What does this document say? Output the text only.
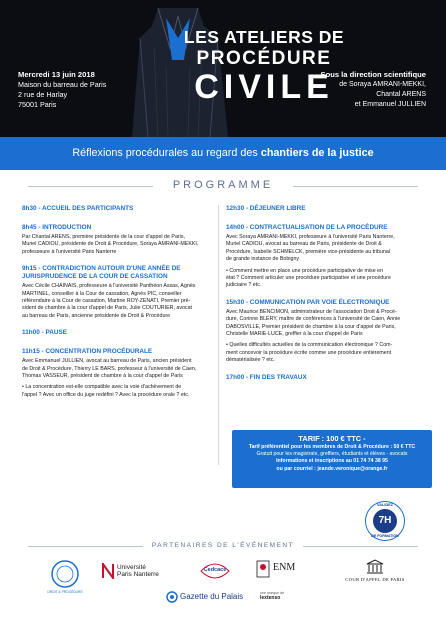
LES ATELIERS DE
PROCÉDURE
CIVILE
Mercredi 13 juin 2018
Maison du barreau de Paris
2 rue de Harlay
75001 Paris
Sous la direction scientifique
de Soraya AMRANI-MEKKI,
Chantal ARENS
et Emmanuel JULLIEN
Réflexions procédurales au regard des chantiers de la justice
PROGRAMME
8h30 - ACCUEIL DES PARTICIPANTS
8h45 - INTRODUCTION
Par Chantal ARENS, première présidente de la cour d'appel de Paris,
Muriel CADIOU, présidente de Droit & Procédure, Soraya AMRANI-MEKKI,
professeure à l'université Paris Nanterre
9h15 - CONTRADICTION AUTOUR D'UNE ANNÉE DE JURISPRUDENCE DE LA COUR DE CASSATION
Avec Cécile CHAINAIS, professeure à l'université Panthéon Assas, Agnès
MARTINEL, conseiller à la Cour de cassation, Agnès PIC, conseiller
référendaire à la Cour de cassation, Martine ROY-ZENATI, Premier pré-
sident de chambre à la cour d'appel de Paris, Julie COUTURIER, avocat
au barreau de Paris, ancienne présidente de Droit & Procédure
11h00 - PAUSE
11h15 - CONCENTRATION PROCÉDURALE
Avec Emmanuel JULLIEN, avocat au barreau de Paris, ancien président
de Droit & Procédure, Thierry LE BARS, professeur à l'université de Caen,
Thomas VASSEUR, président de chambre à la cour d'appel de Paris
• La concentration est-elle compatible avec la voie d'achèvement de
l'appel ? Avec un office du juge redéfini ? Avec la procédure orale ? etc.
12h30 - DÉJEUNER LIBRE
14h00 - CONTRACTUALISATION DE LA PROCÉDURE
Avec Soraya AMRANI-MEKKI, professeure à l'université Paris Nanterre,
Muriel CADIOU, avocat au barreau de Paris, présidente de Droit &
Procédure, Isabelle SCHMELCK, première vice-présidente au tribunal
de grande instance de Bobigny
• Comment mettre en place une procédure participative de mise en
état ? Comment articuler une procédure participative et une procédure
judiciaire ? etc.
15h30 - COMMUNICATION PAR VOIE ÉLECTRONIQUE
Avec Maurice BENCIMON, administrateur de l'association Droit & Procé-
dure, Corinne BLÉRY, maître de conférences à l'université de Caen, Annie
DABOSVILLE, Premier président de chambre à la cour d'appel de Paris,
Christelle MARIE-LUCE, greffier à la cour d'appel de Paris
• Quelles difficultés actuelles de la communication électronique ? Com-
ment concevoir la procédure écrite comme une procédure entièrement
dématérialisée ? etc.
17h00 - FIN DES TRAVAUX
TARIF : 100 € TTC -
Tarif préférentiel pour les membres de Droit & Procédure : 50 € TTC
Gratuit pour les magistrats, greffiers, étudiants et élèves - avocats
Informations et inscriptions au 01 74 74 38 95
ou par courriel : jeande.veronique@orange.fr
VALIDEZ
7H
DE FORMATION
PARTENAIRES DE L'ÉVÉNEMENT
DROIT & PROCÉDURE
Université
Paris Nanterre
Cedcace	ENM
COUR D'APPEL DE PARIS
Gazette du Palais	une marque de
lextenso
